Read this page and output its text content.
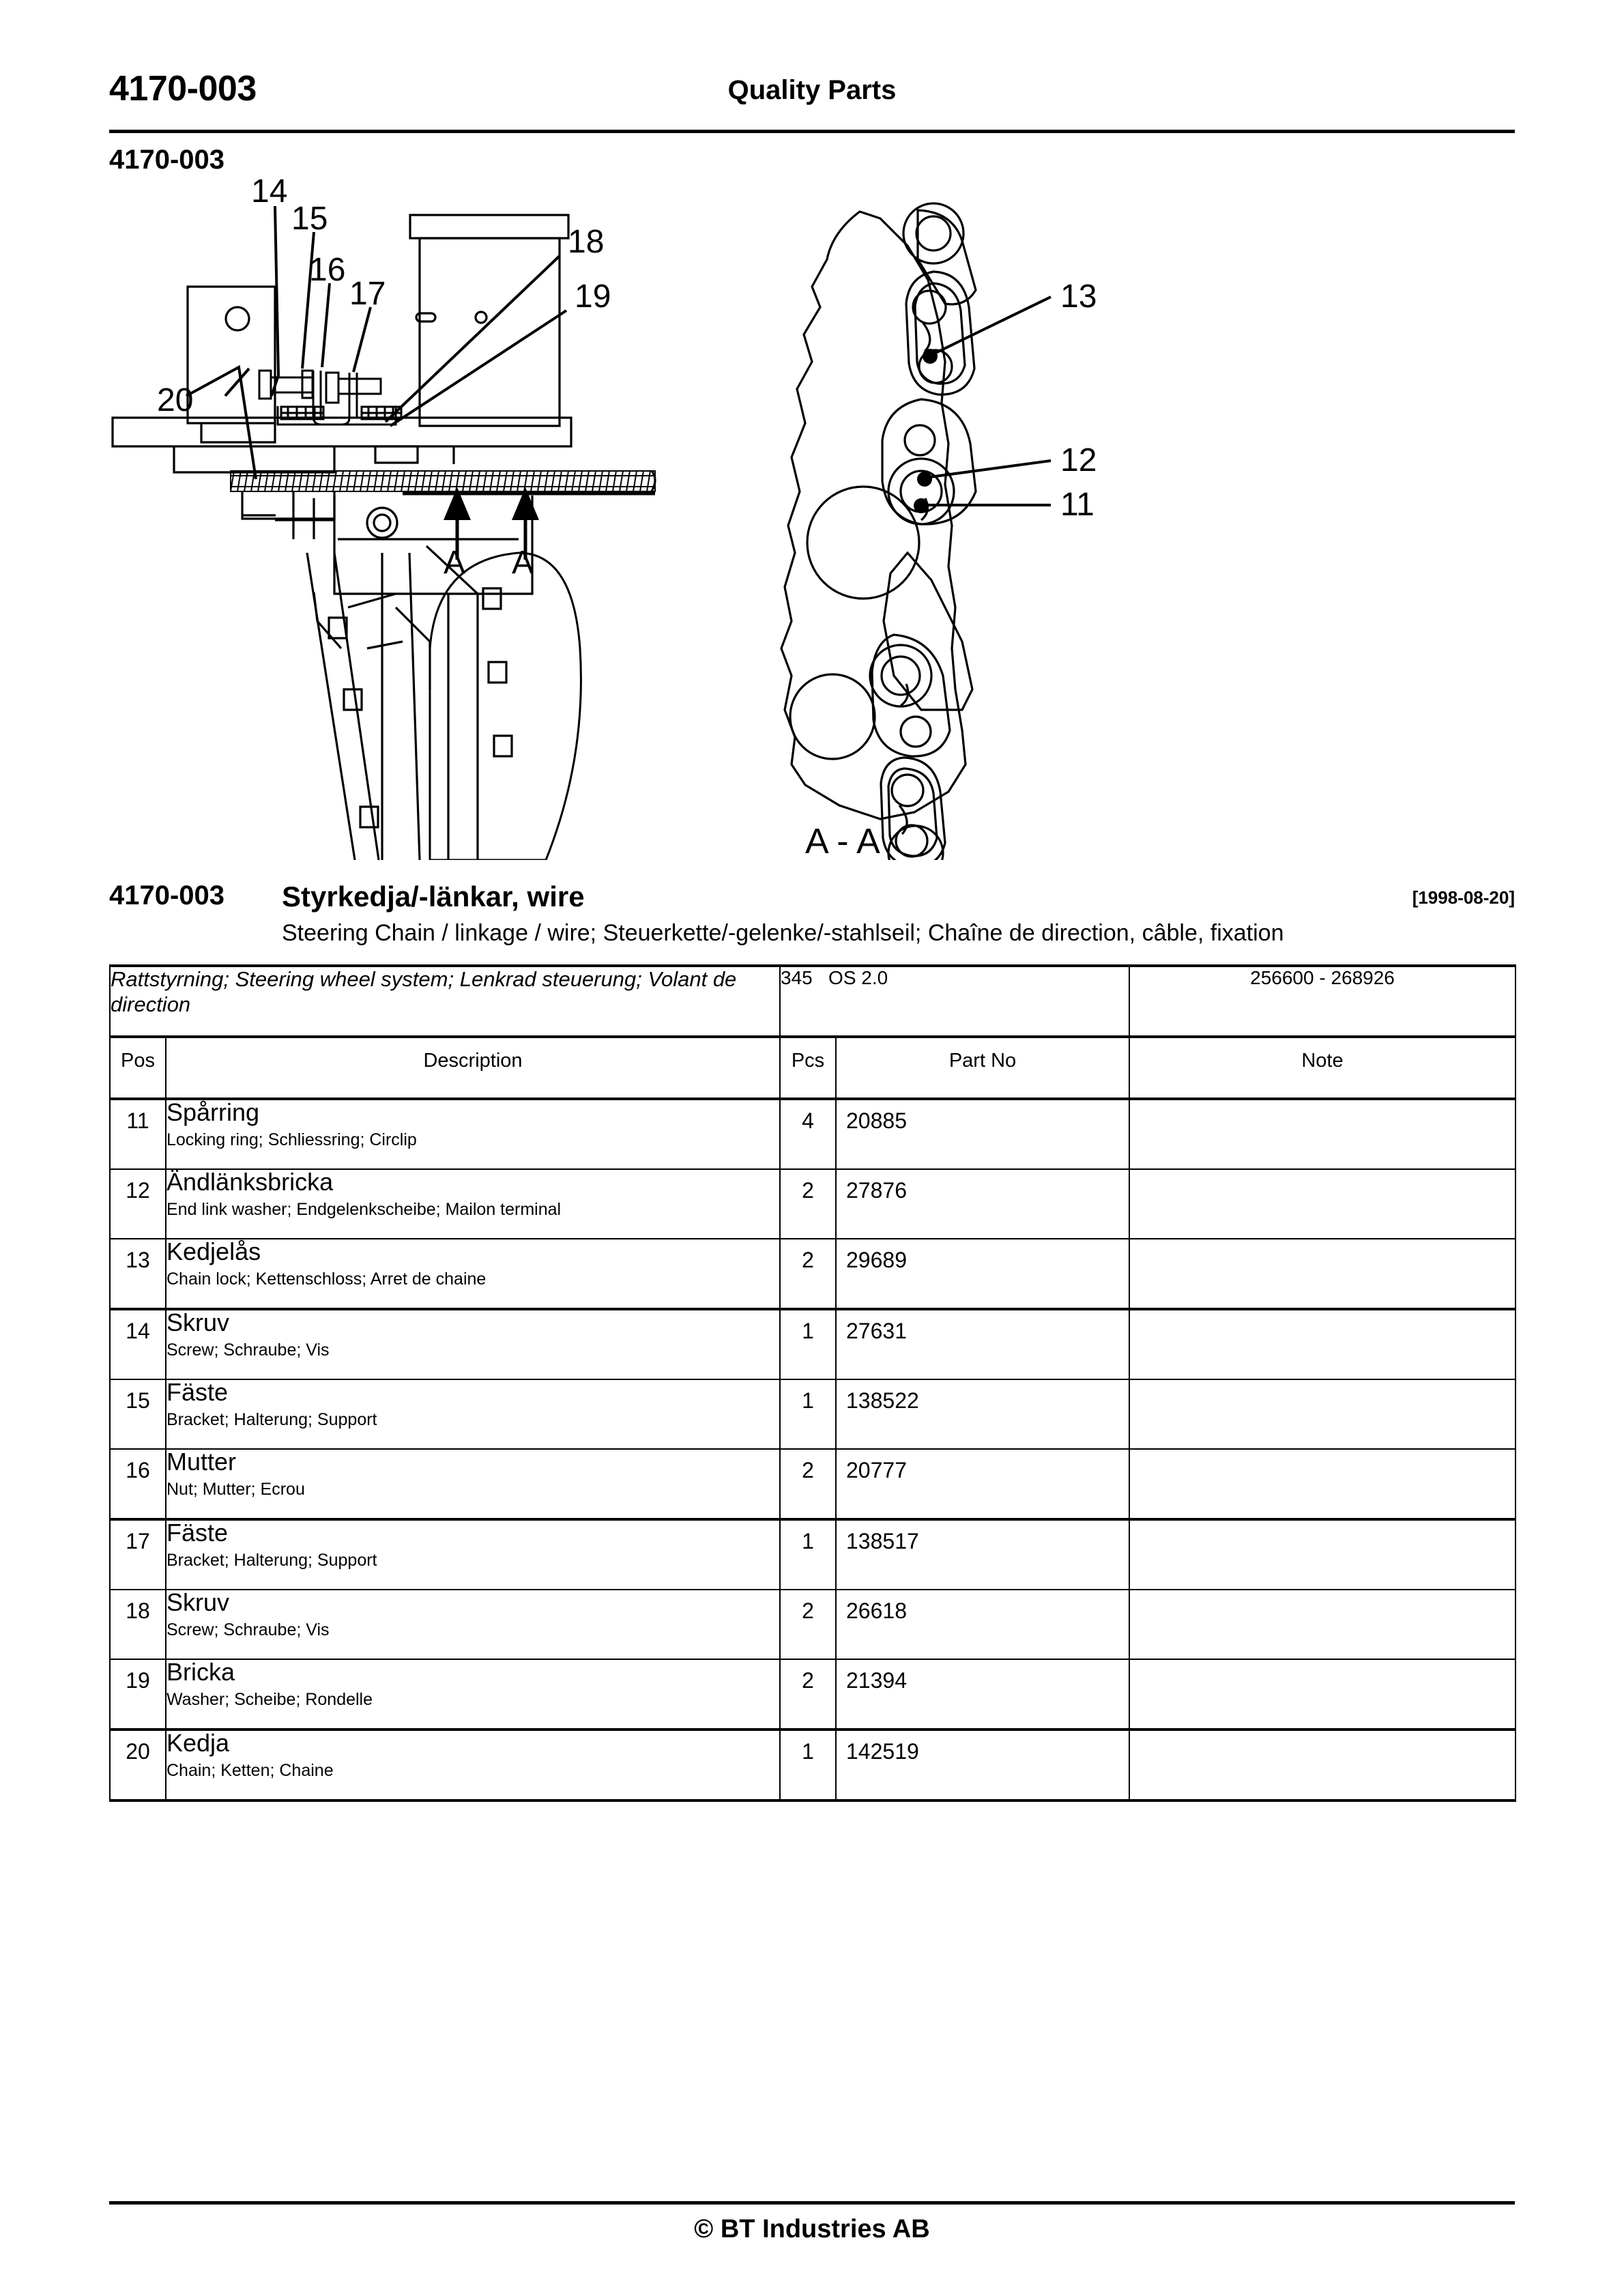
4170-003	Quality Parts
4170-003
14
15
16
17
18
19
20
A A
13
12
11
A - A
4170-003 Styrkedja/-länkar, wire	[1998-08-20]
Steering Chain / linkage / wire; Steuerkette/-gelenke/-stahlseil; Chaîne de direction, câble, fixation
Rattstyrning; Steering wheel system; Lenkrad steuerung; Volant de direction		345   OS 2.0		256600 - 268926
Pos	Description	Pcs	Part No	Note
11	Spårring
Locking ring; Schliessring; Circlip	4	20885	
12	Ändlänksbricka
End link washer; Endgelenkscheibe; Mailon terminal	2	27876	
13	Kedjelås
Chain lock; Kettenschloss; Arret de chaine	2	29689	
14	Skruv
Screw; Schraube; Vis	1	27631	
15	Fäste
Bracket; Halterung; Support	1	138522	
16	Mutter
Nut; Mutter; Ecrou	2	20777	
17	Fäste
Bracket; Halterung; Support	1	138517	
18	Skruv
Screw; Schraube; Vis	2	26618	
19	Bricka
Washer; Scheibe; Rondelle	2	21394	
20	Kedja
Chain; Ketten; Chaine	1	142519	
© BT Industries AB
